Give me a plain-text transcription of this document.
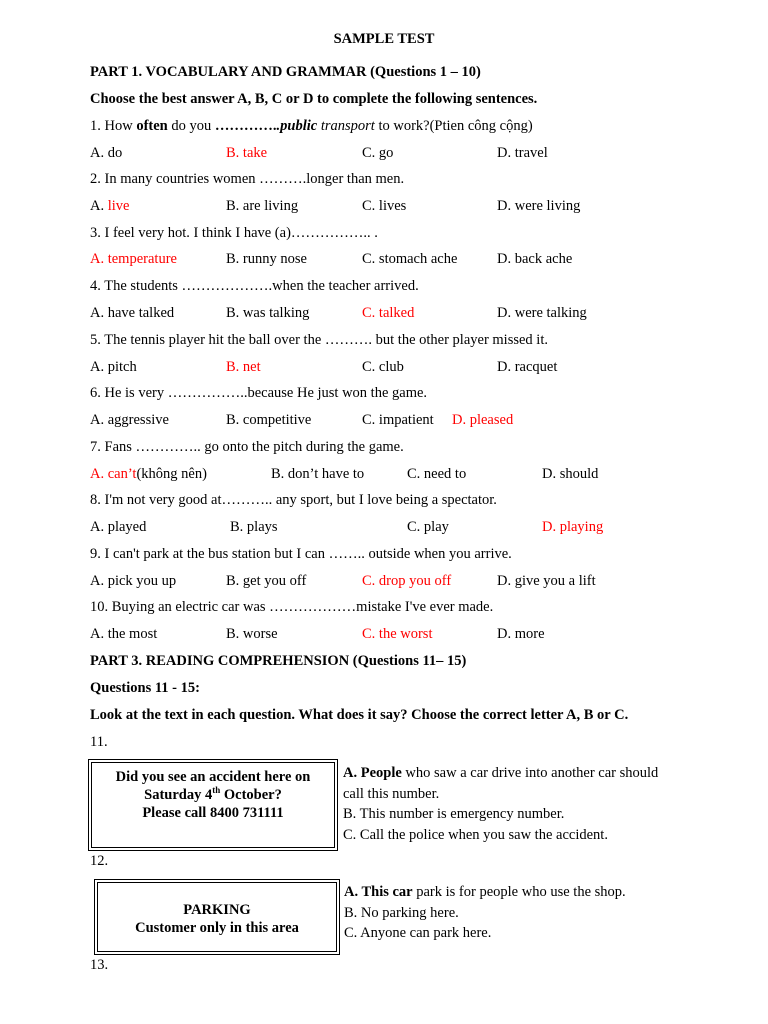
SAMPLE TEST
PART 1. VOCABULARY AND GRAMMAR (Questions 1 – 10)
Choose the best answer A, B, C or D to complete the following sentences.
1. How often do you …………..public transport to work?(Ptien công cộng)
A. do	B. take	C. go	D. travel
2. In many countries women ……….longer than men.
A. live	B. are living	C. lives	D. were living
3. I feel very hot. I think I have (a)…………….. .
A. temperature	B. runny nose	C. stomach ache	D. back ache
4. The students ……………….when the teacher arrived.
A. have talked	B. was talking	C. talked	D. were talking
5. The tennis player hit the ball over the ………. but the other player missed it.
A. pitch	B. net	C. club	D. racquet
6. He is very ……………..because He just won the game.
A. aggressive	B. competitive	C. impatient D. pleased
7. Fans ………….. go onto the pitch during the game.
A. can’t(không nên)	B. don’t have to	C. need to	D. should
8. I'm not very good at……….. any sport, but I love being a spectator.
A. played	B. plays	C. play	D. playing
9. I can't park at the bus station but I can …….. outside when you arrive.
A. pick you up	B. get you off	C. drop you off	D. give you a lift
10. Buying an electric car was ………………mistake I've ever made.
A. the most	B. worse	C. the worst	D. more
PART 3. READING COMPREHENSION (Questions 11– 15)
Questions 11 - 15:
Look at the text in each question. What does it say? Choose the correct letter A, B or C.
11.
Did you see an accident here on
Saturday 4th October?
Please call 8400 731111
A. People who saw a car drive into another car should
call this number.
B. This number is emergency number.
C. Call the police when you saw the accident.
12.
PARKING
Customer only in this area
A. This car park is for people who use the shop.
B. No parking here.
C. Anyone can park here.
13.
